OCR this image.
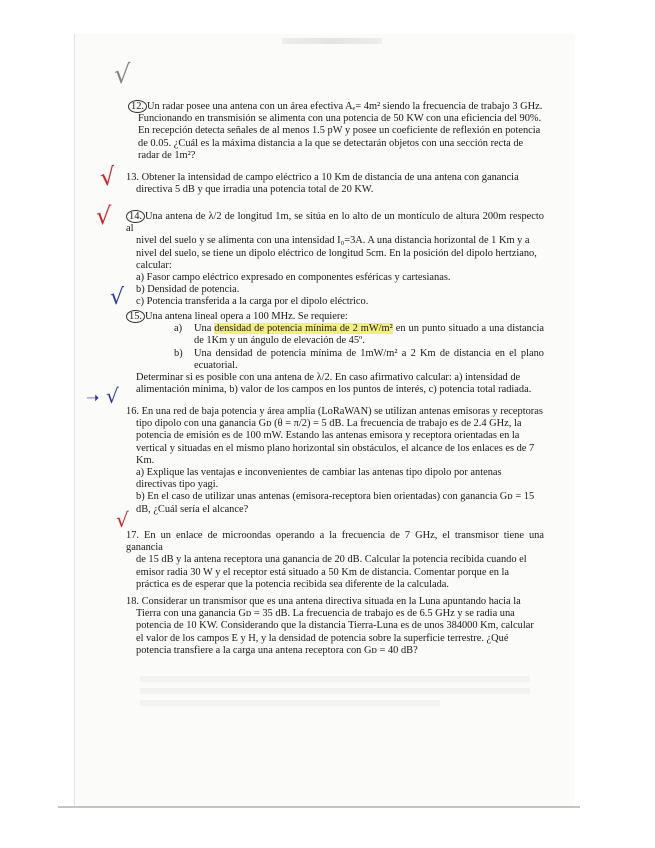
√
√
√
√
➝ √
√

12. Un radar posee una antena con un área efectiva Aₑ= 4m² siendo la frecuencia de trabajo 3 GHz.
Funcionando en transmisión se alimenta con una potencia de 50 KW con una eficiencia del 90%.
En recepción detecta señales de al menos 1.5 pW y posee un coeficiente de reflexión en potencia
de 0.05. ¿Cuál es la máxima distancia a la que se detectarán objetos con una sección recta de
radar de 1m²?

13. Obtener la intensidad de campo eléctrico a 10 Km de distancia de una antena con ganancia
directiva 5 dB y que irradia una potencia total de 20 KW.

14. Una antena de λ/2 de longitud 1m, se sitúa en lo alto de un montículo de altura 200m respecto al
nivel del suelo y se alimenta con una intensidad I₀=3A. A una distancia horizontal de 1 Km y a
nivel del suelo, se tiene un dipolo eléctrico de longitud 5cm. En la posición del dipolo hertziano,
calcular:
a) Fasor campo eléctrico expresado en componentes esféricas y cartesianas.
b) Densidad de potencia.
c) Potencia transferida a la carga por el dipolo eléctrico.

15. Una antena lineal opera a 100 MHz. Se requiere:

a)	Una densidad de potencia mínima de 2 mW/m² en un punto situado a una distancia de 1Km y un ángulo de elevación de 45º.

b)	Una densidad de potencia mínima de 1mW/m² a 2 Km de distancia en el plano ecuatorial.

Determinar si es posible con una antena de λ/2. En caso afirmativo calcular: a) intensidad de
alimentación mínima, b) valor de los campos en los puntos de interés, c) potencia total radiada.

16. En una red de baja potencia y área amplia (LoRaWAN) se utilizan antenas emisoras y receptoras
tipo dipolo con una ganancia Gᴅ (θ = π/2) = 5 dB. La frecuencia de trabajo es de 2.4 GHz, la
potencia de emisión es de 100 mW. Estando las antenas emisora y receptora orientadas en la
vertical y situadas en el mismo plano horizontal sin obstáculos, el alcance de los enlaces es de 7
Km.
a) Explique las ventajas e inconvenientes de cambiar las antenas tipo dipolo por antenas
directivas tipo yagi.
b) En el caso de utilizar unas antenas (emisora-receptora bien orientadas) con ganancia Gᴅ = 15
dB, ¿Cuál sería el alcance?

17. En un enlace de microondas operando a la frecuencia de 7 GHz, el transmisor tiene una ganancia
de 15 dB y la antena receptora una ganancia de 20 dB. Calcular la potencia recibida cuando el
emisor radia 30 W y el receptor está situado a 50 Km de distancia. Comentar porque en la
práctica es de esperar que la potencia recibida sea diferente de la calculada.

18. Considerar un transmisor que es una antena directiva situada en la Luna apuntando hacia la
Tierra con una ganancia Gᴅ = 35 dB. La frecuencia de trabajo es de 6.5 GHz y se radia una
potencia de 10 KW. Considerando que la distancia Tierra-Luna es de unos 384000 Km, calcular
el valor de los campos E y H, y la densidad de potencia sobre la superficie terrestre. ¿Qué
potencia transfiere a la carga una antena receptora con Gᴅ = 40 dB?
